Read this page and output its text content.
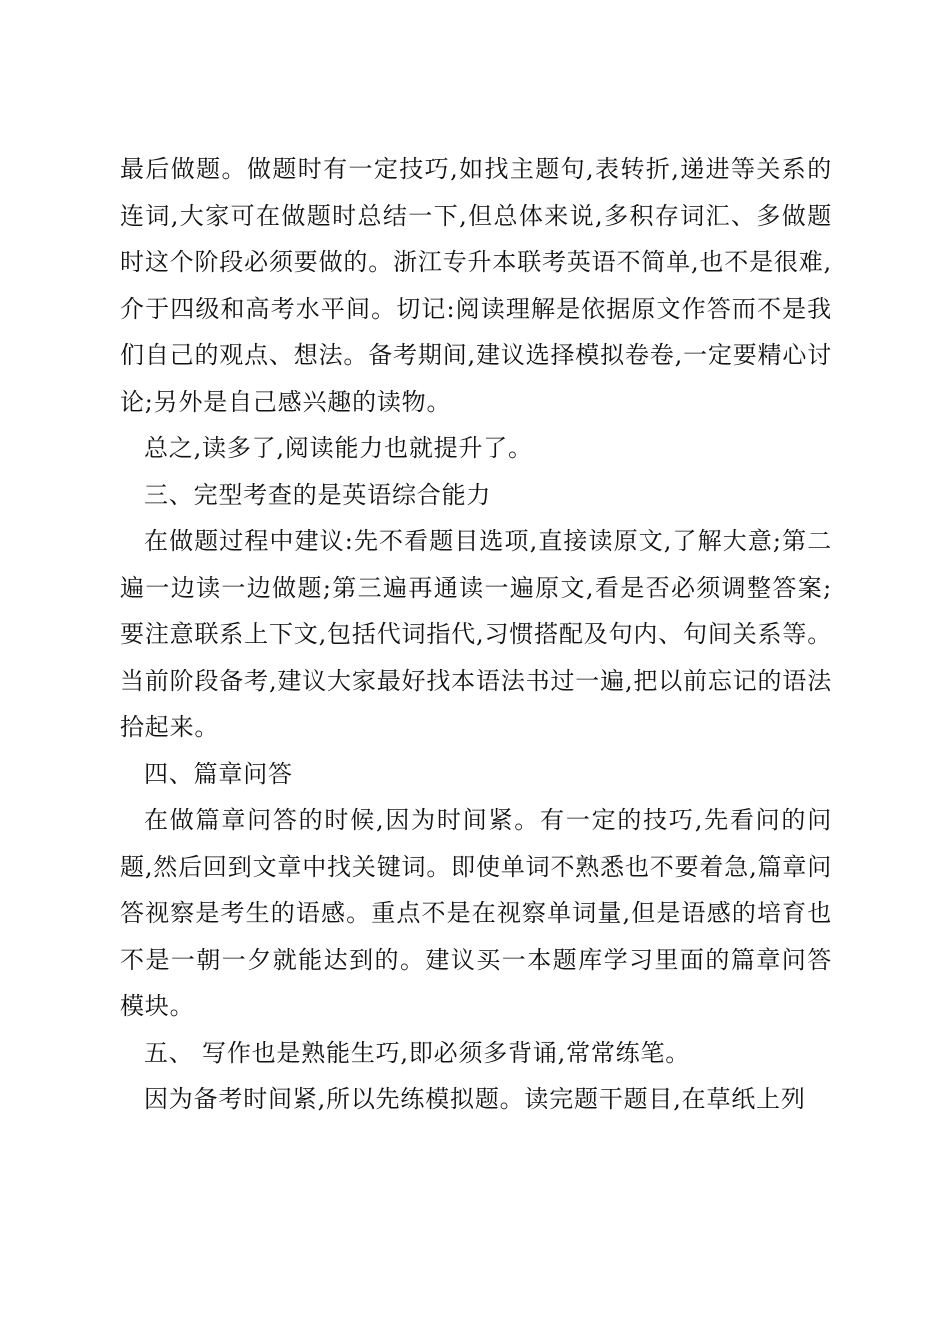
最后做题。做题时有一定技巧,如找主题句,表转折,递进等关系的连词,大家可在做题时总结一下,但总体来说,多积存词汇、多做题时这个阶段必须要做的。浙江专升本联考英语不简单,也不是很难,介于四级和高考水平间。切记:阅读理解是依据原文作答而不是我们自己的观点、想法。备考期间,建议选择模拟卷卷,一定要精心讨论;另外是自己感兴趣的读物。

总之,读多了,阅读能力也就提升了。

三、完型考查的是英语综合能力

在做题过程中建议:先不看题目选项,直接读原文,了解大意;第二遍一边读一边做题;第三遍再通读一遍原文,看是否必须调整答案;要注意联系上下文,包括代词指代,习惯搭配及句内、句间关系等。当前阶段备考,建议大家最好找本语法书过一遍,把以前忘记的语法拾起来。

四、篇章问答

在做篇章问答的时候,因为时间紧。有一定的技巧,先看问的问题,然后回到文章中找关键词。即使单词不熟悉也不要着急,篇章问答视察是考生的语感。重点不是在视察单词量,但是语感的培育也不是一朝一夕就能达到的。建议买一本题库学习里面的篇章问答模块。

五、 写作也是熟能生巧,即必须多背诵,常常练笔。

因为备考时间紧,所以先练模拟题。读完题干题目,在草纸上列
